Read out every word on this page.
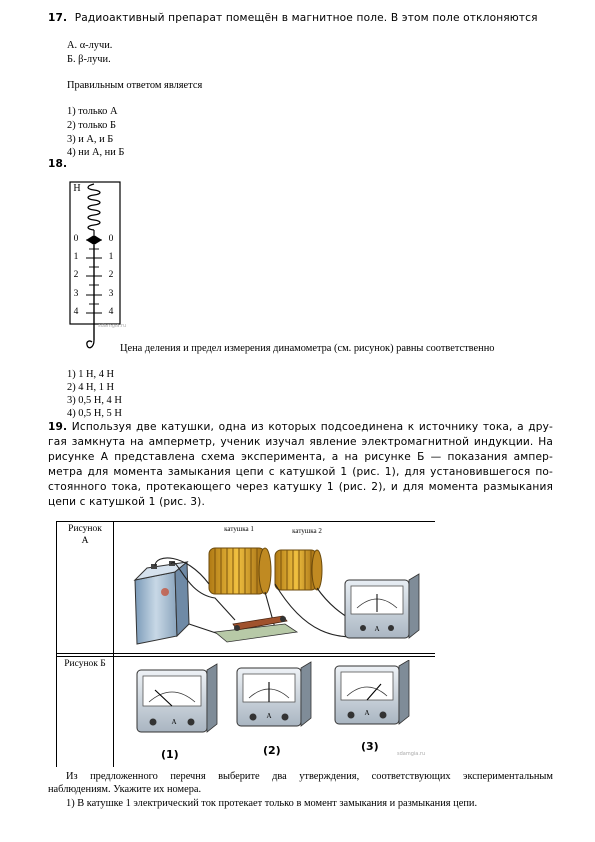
17. Радиоактивный препарат помещён в магнитное поле. В этом поле отклоняются
А. α-лучи.
Б. β-лучи.
Правильным ответом является
1) только А
2) только Б
3) и А, и Б
4) ни А, ни Б
18.
Н
0
1
2
3
4
0
1
2
3
4
sdamgia.ru
Цена деления и предел измерения динамометра (см. рисунок) равны соответственно
1) 1 Н, 4 Н
2) 4 Н, 1 Н
3) 0,5 Н, 4 Н
4) 0,5 Н, 5 Н
19. Используя две катушки, одна из которых подсоединена к источнику тока, а дру-
гая замкнута на амперметр, ученик изучал явление электромагнитной индукции. На
рисунке А представлена схема эксперимента, а на рисунке Б — показания ампер-
метра для момента замыкания цепи с катушкой 1 (рис. 1), для установившегося по-
стоянного тока, протекающего через катушку 1 (рис. 2), и для момента размыкания
цепи с катушкой 1 (рис. 3).
Рисунок
А
Рисунок Б
катушка 1	катушка 2
А
А
А	А
(1)	(2)	(3)
sdamgia.ru
Из предложенного перечня выберите два утверждения, соответствующих экспериментальным
наблюдениям. Укажите их номера.
1) В катушке 1 электрический ток протекает только в момент замыкания и размыкания цепи.
